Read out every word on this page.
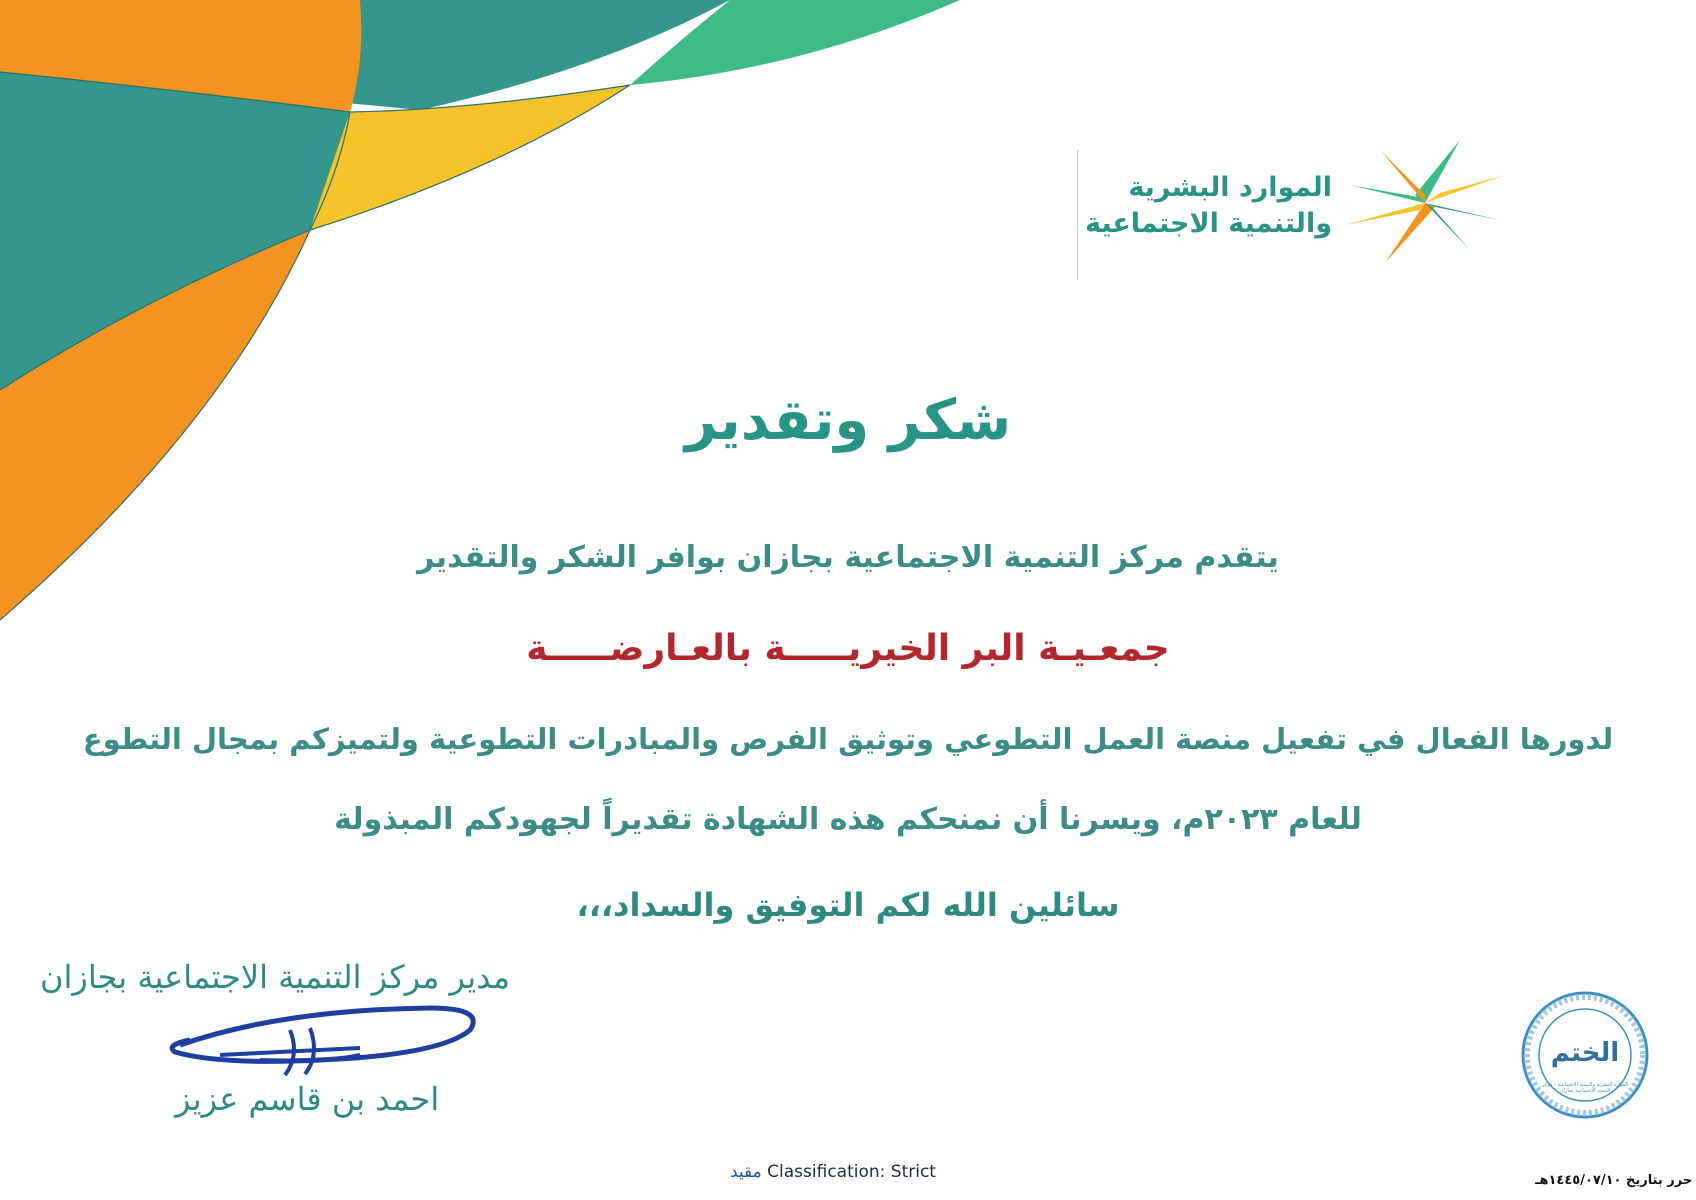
الموارد البشرية
والتنمية الاجتماعية
شكر وتقدير
يتقدم مركز التنمية الاجتماعية بجازان بوافر الشكر والتقدير
جمعـيـة البر الخيريـــــة بالعـارضـــــة
لدورها الفعال في تفعيل منصة العمل التطوعي وتوثيق الفرص والمبادرات التطوعية ولتميزكم بمجال التطوع
للعام ٢٠٢٣م، ويسرنا أن نمنحكم هذه الشهادة تقديراً لجهودكم المبذولة
سائلين الله لكم التوفيق والسداد،،،
مدير مركز التنمية الاجتماعية بجازان
احمد بن قاسم عزيز
الختم
الموارد البشرية والتنمية الاجتماعية - مركز التنمية الاجتماعية بجازان
مقيد Classification: Strict	حرر بتاريخ ١٤٤٥/٠٧/١٠هـ
